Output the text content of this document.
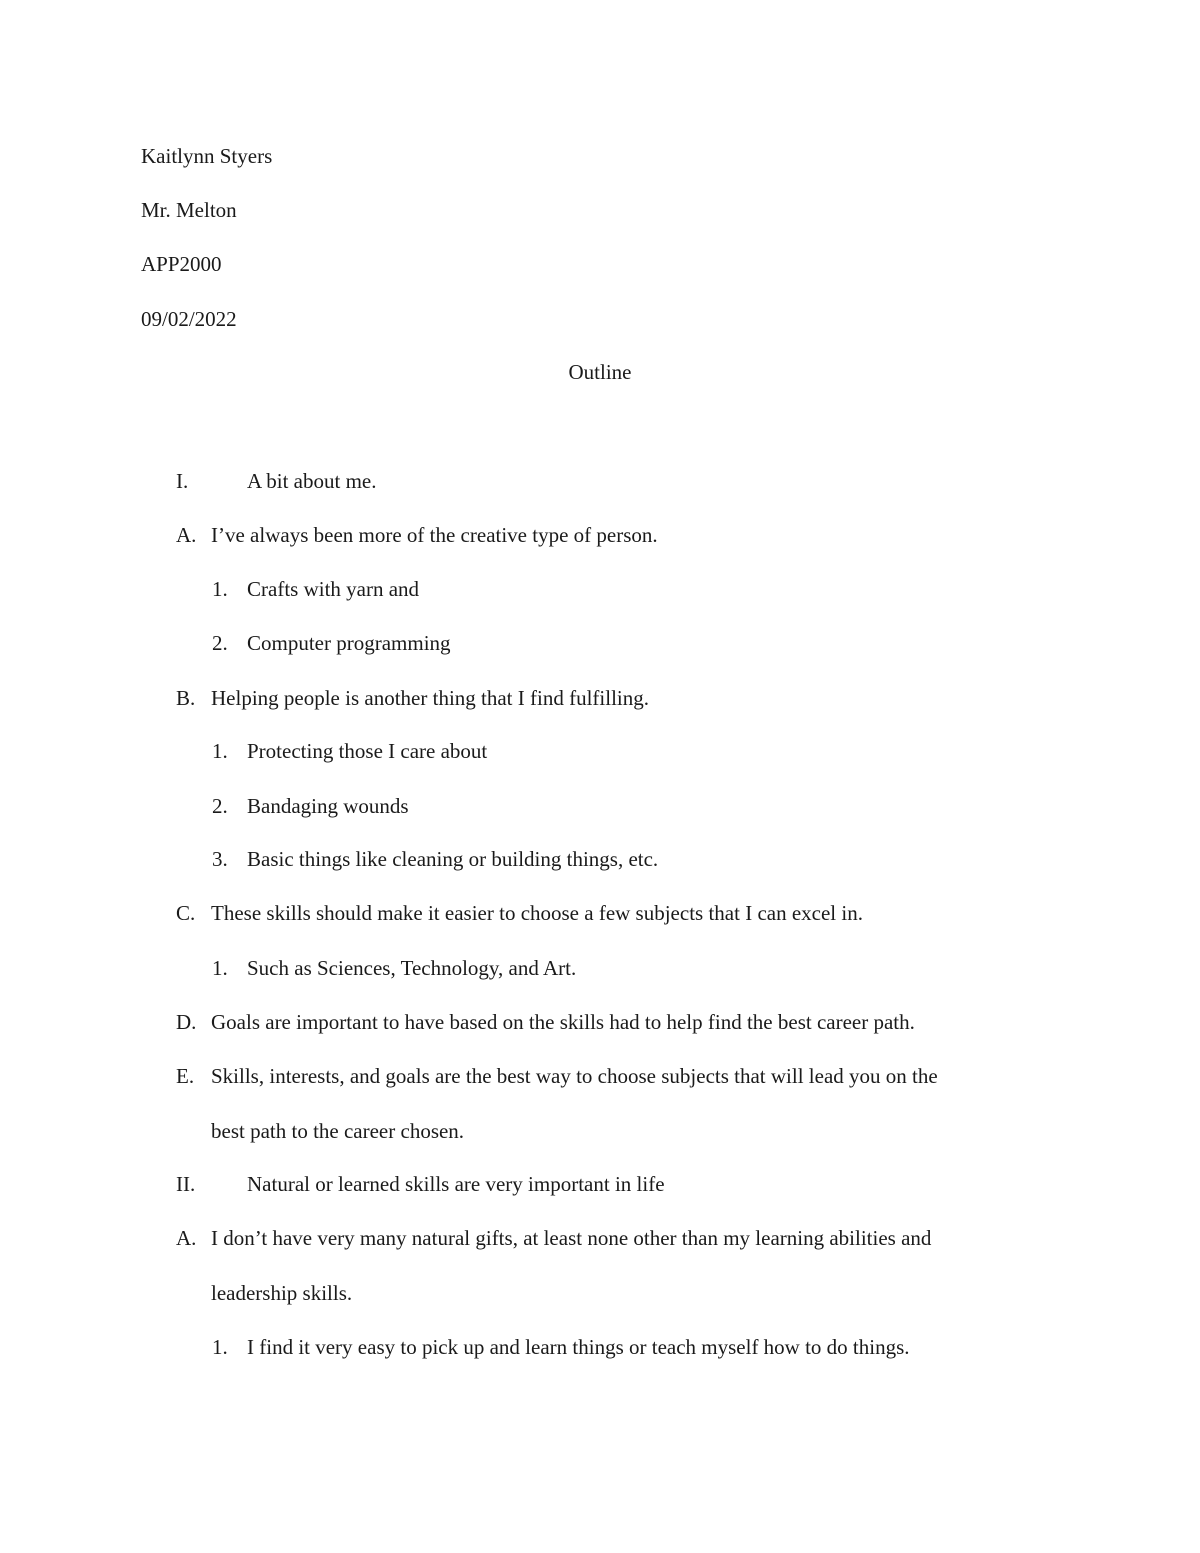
Kaitlynn Styers
Mr. Melton
APP2000
09/02/2022
Outline
I.	A bit about me.
A. I’ve always been more of the creative type of person.
1. Crafts with yarn and
2. Computer programming
B. Helping people is another thing that I find fulfilling.
1. Protecting those I care about
2. Bandaging wounds
3. Basic things like cleaning or building things, etc.
C. These skills should make it easier to choose a few subjects that I can excel in.
1. Such as Sciences, Technology, and Art.
D. Goals are important to have based on the skills had to help find the best career path.
E. Skills, interests, and goals are the best way to choose subjects that will lead you on the
best path to the career chosen.
II. Natural or learned skills are very important in life
A. I don’t have very many natural gifts, at least none other than my learning abilities and
leadership skills.
1. I find it very easy to pick up and learn things or teach myself how to do things.
